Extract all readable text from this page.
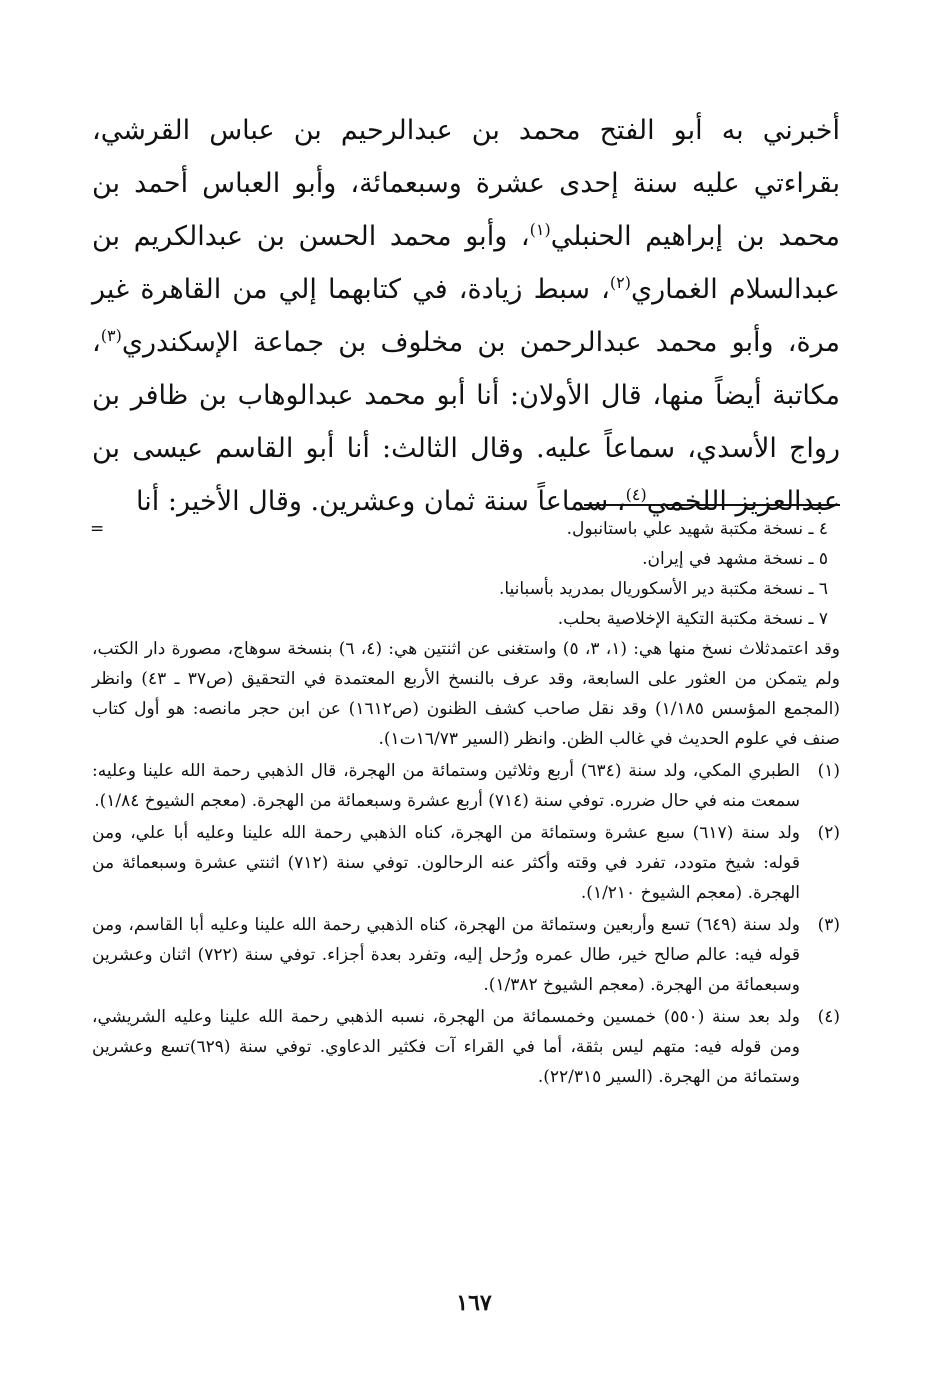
أخبرني به أبو الفتح محمد بن عبدالرحيم بن عباس القرشي، بقراءتي عليه سنة إحدى عشرة وسبعمائة، وأبو العباس أحمد بن محمد بن إبراهيم الحنبلي$^{(١)}$، وأبو محمد الحسن بن عبدالكريم بن عبدالسلام الغماري$^{(٢)}$، سبط زيادة، في كتابهما إلي من القاهرة غير مرة، وأبو محمد عبدالرحمن بن مخلوف بن جماعة الإسكندري$^{(٣)}$، مكاتبة أيضاً منها، قال الأولان: أنا أبو محمد عبدالوهاب بن ظافر بن رواج الأسدي، سماعاً عليه. وقال الثالث: أنا أبو القاسم عيسى بن عبدالعزيز اللخمي$^{(٤)}$، سماعاً سنة ثمان وعشرين. وقال الأخير: أنا
=	٤ ـ نسخة مكتبة شهيد علي باستانبول.
٥ ـ نسخة مشهد في إيران.
٦ ـ نسخة مكتبة دير الأسكوريال بمدريد بأسبانيا.
٧ ـ نسخة مكتبة التكية الإخلاصية بحلب.
وقد اعتمدثلاث نسخ منها هي: (١، ٣، ٥) واستغنى عن اثنتين هي: (٤، ٦) بنسخة سوهاج، مصورة دار الكتب، ولم يتمكن من العثور على السابعة، وقد عرف بالنسخ الأربع المعتمدة في التحقيق (ص٣٧ ـ ٤٣) وانظر (المجمع المؤسس ١/١٨٥) وقد نقل صاحب كشف الظنون (ص١٦١٢) عن ابن حجر مانصه: هو أول كتاب صنف في علوم الحديث في غالب الظن. وانظر (السير ١٦/٧٣ت١).
(١)
الطبري المكي، ولد سنة (٦٣٤) أربع وثلاثين وستمائة من الهجرة، قال الذهبي رحمة الله علينا وعليه: سمعت منه في حال ضرره. توفي سنة (٧١٤) أربع عشرة وسبعمائة من الهجرة. (معجم الشيوخ ١/٨٤).
(٢)
ولد سنة (٦١٧) سبع عشرة وستمائة من الهجرة، كناه الذهبي رحمة الله علينا وعليه أبا علي، ومن قوله: شيخ متودد، تفرد في وقته وأكثر عنه الرحالون. توفي سنة (٧١٢) اثنتي عشرة وسبعمائة من الهجرة. (معجم الشيوخ ١/٢١٠).
(٣)
ولد سنة (٦٤٩) تسع وأربعين وستمائة من الهجرة، كناه الذهبي رحمة الله علينا وعليه أبا القاسم، ومن قوله فيه: عالم صالح خير، طال عمره ورُحل إليه، وتفرد بعدة أجزاء. توفي سنة (٧٢٢) اثنان وعشرين وسبعمائة من الهجرة. (معجم الشيوخ ١/٣٨٢).
(٤)
ولد بعد سنة (٥٥٠) خمسين وخمسمائة من الهجرة، نسبه الذهبي رحمة الله علينا وعليه الشريشي، ومن قوله فيه: متهم ليس بثقة، أما في القراء آت فكثير الدعاوي. توفي سنة (٦٢٩)تسع وعشرين وستمائة من الهجرة. (السير ٢٢/٣١٥).
١٦٧
